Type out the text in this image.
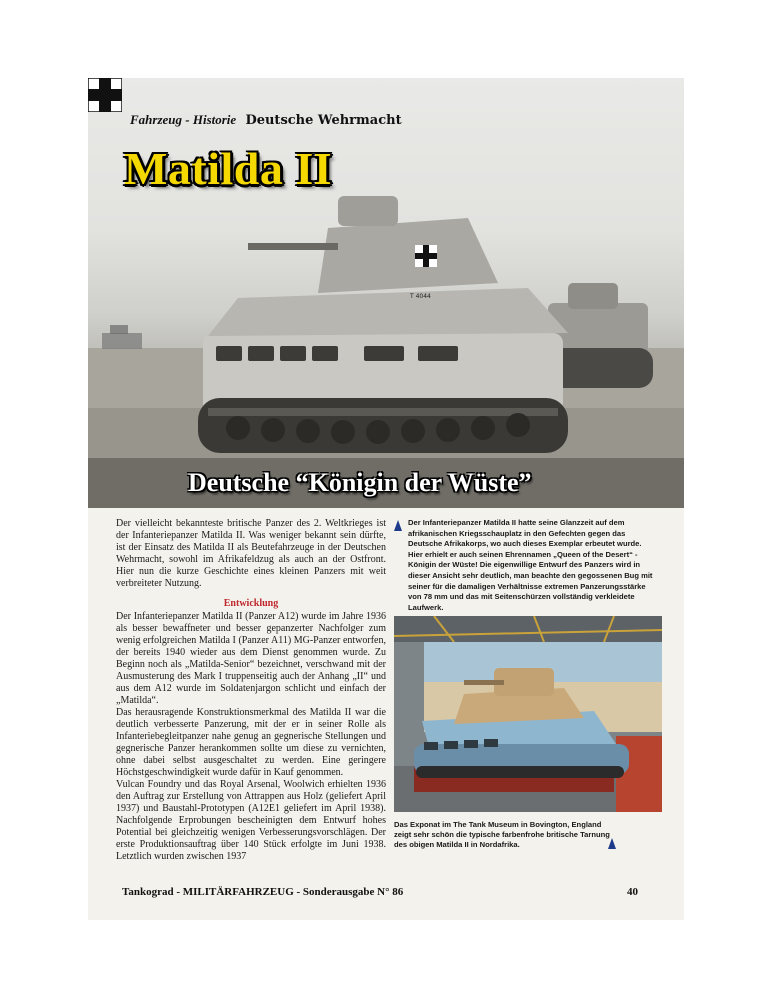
Fahrzeug - Historie Deutsche Wehrmacht
Matilda II
T 4044
Deutsche “Königin der Wüste”

Der vielleicht bekannteste britische Panzer des 2. Weltkrieges ist der Infanteriepanzer Matilda II. Was weniger bekannt sein dürfte, ist der Einsatz des Matilda II als Beutefahrzeuge in der Deutschen Wehrmacht, sowohl im Afrikafeldzug als auch an der Ostfront. Hier nun die kurze Geschichte eines kleinen Panzers mit weit verbreiteter Nutzung.

Entwicklung

Der Infanteriepanzer Matilda II (Panzer A12) wurde im Jahre 1936 als besser bewaffneter und besser gepanzerter Nachfolger zum wenig erfolgreichen Matilda I (Panzer A11) MG-Panzer entworfen, der bereits 1940 wieder aus dem Dienst genommen wurde. Zu Beginn noch als „Matilda-Senior“ bezeichnet, verschwand mit der Ausmusterung des Mark I truppenseitig auch der Anhang „II“ und aus dem A12 wurde im Soldatenjargon schlicht und einfach der „Matilda“.

Das herausragende Konstruktionsmerkmal des Matilda II war die deutlich verbesserte Panzerung, mit der er in seiner Rolle als Infanteriebegleitpanzer nahe genug an gegnerische Stellungen und gegnerische Panzer herankommen sollte um diese zu vernichten, ohne dabei selbst ausgeschaltet zu werden. Eine geringere Höchstgeschwindigkeit wurde dafür in Kauf genommen.

Vulcan Foundry und das Royal Arsenal, Woolwich erhielten 1936 den Auftrag zur Erstellung von Attrappen aus Holz (geliefert April 1937) und Baustahl-Prototypen (A12E1 geliefert im April 1938). Nachfolgende Erprobungen bescheinigten dem Entwurf hohes Potential bei gleichzeitig wenigen Verbesserungsvorschlägen. Der erste Produktionsauftrag über 140 Stück erfolgte im Juni 1938. Letztlich wurden zwischen 1937

Der Infanteriepanzer Matilda II hatte seine Glanzzeit auf dem afrikanischen Kriegsschauplatz in den Gefechten gegen das Deutsche Afrikakorps, wo auch dieses Exemplar erbeutet wurde. Hier erhielt er auch seinen Ehrennamen „Queen of the Desert“ - Königin der Wüste! Die eigenwillige Entwurf des Panzers wird in dieser Ansicht sehr deutlich, man beachte den gegossenen Bug mit seiner für die damaligen Verhältnisse extremen Panzerungsstärke von 78 mm und das mit Seitenschürzen vollständig verkleidete Laufwerk.
Das Exponat im The Tank Museum in Bovington, England zeigt sehr schön die typische farbenfrohe britische Tarnung des obigen Matilda II in Nordafrika.
Tankograd - MILITÄRFAHRZEUG - Sonderausgabe N° 86	40
